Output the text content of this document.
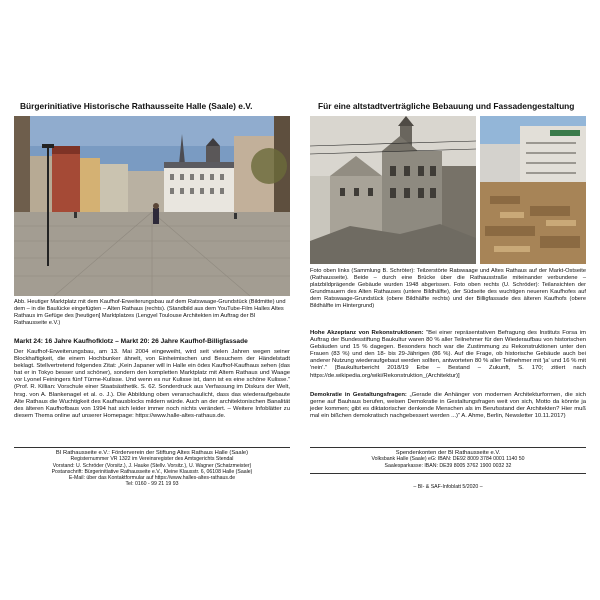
Bürgerinitiative Historische Rathausseite Halle (Saale) e.V.

Abb. Heutiger Marktplatz mit dem Kaufhof-Erweiterungsbau auf dem Ratswaage-Grundstück (Bildmitte) und dem – in die Baulücke eingefügten – Alten Rathaus (rechts). (Standbild aus dem YouTube-Film Halles Altes Rathaus im Gefüge des [heutigen] Marktplatzes (Lengyel Toulouse Architekten im Auftrag der BI Rathausseite e.V.)

Markt 24: 16 Jahre Kaufhofklotz – Markt 20: 26 Jahre Kaufhof-Billigfassade

Der Kaufhof-Erweiterungsbau, am 13. Mai 2004 eingeweiht, wird seit vielen Jahren wegen seiner Blockhaftigkeit, die einem Hochbunker ähnelt, von Einheimischen und Besuchern der Händelstadt beklagt. Stellvertretend folgendes Zitat: „Kein Japaner will in Halle ein ödes Kaufhof-Kaufhaus sehen (das hat er in Tokyo besser und schöner), sondern den kompletten Marktplatz mit Altem Rathaus und Waage vor Lyonel Feiningers fünf Türme-Kulisse. Und wenn es nur Kulisse ist, dann ist es eine schöne Kulisse.“ (Prof. R. Killian: Vorschule einer Staatsästhetik. S. 62. Sonderdruck aus Verfassung im Diskurs der Welt, hrsg. von A. Blankenagel et al. o. J.). Die Abbildung oben veranschaulicht, dass das wiederaufgebaute Alte Rathaus die Wuchtigkeit des Kaufhausblocks mildern würde. Auch an der architektonischen Banalität des älteren Kaufhofbaus von 1994 hat sich leider immer noch nichts verändert. – Weitere Infoblätter zu diesem Thema online auf unserer Homepage: https://www.halle-altes-rathaus.de.

Für eine altstadtverträgliche Bebauung und Fassadengestaltung

Foto oben links (Sammlung B. Schröter): Teilzerstörte Ratswaage und Altes Rathaus auf der Markt-Ostseite (Rathausseite). Beide – durch eine Brücke über die Rathausstraße miteinander verbundene – platzbildprägende Gebäude wurden 1948 abgerissen. Foto oben rechts (U. Schröder): Teilansichten der Grundmauern des Alten Rathauses (untere Bildhälfte), der Südseite des wuchtigen neueren Kaufhofes auf dem Ratswaage-Grundstück (obere Bildhälfte rechts) und der Billigfassade des älteren Kaufhofs (obere Bildhälfte im Hintergrund)

Hohe Akzeptanz von Rekonstruktionen: "Bei einer repräsentativen Befragung des Instituts Forsa im Auftrag der Bundesstiftung Baukultur waren 80 % aller Teilnehmer für den Wiederaufbau von historischen Gebäuden und 15 % dagegen. Besonders hoch war die Zustimmung zu Rekonstruktionen unter den Frauen (83 %) und den 18- bis 29-Jährigen (86 %). Auf die Frage, ob historische Gebäude auch bei anderer Nutzung wiederaufgebaut werden sollten, antworteten 80 % aller Teilnehmer mit 'ja' und 16 % mit 'nein'." [Baukulturbericht 2018/19 Erbe – Bestand – Zukunft, S. 170; zitiert nach https://de.wikipedia.org/wiki/Rekonstruktion_(Architektur)]

Demokratie in Gestaltungsfragen: „Gerade die Anhänger von modernen Architekturformen, die sich gerne auf Bauhaus berufen, weisen Demokratie in Gestaltungsfragen weit von sich, Motto da könnte ja jeder kommen; gibt es diktatorischer denkende Menschen als im Berufsstand der Architekten? Hier muß mal ein bißchen demokratisch nachgebessert werden ...)“ A. Ahme, Berlin, Newsletter 10.11.2017)

BI Rathausseite e.V.: Förderverein der Stiftung Altes Rathaus Halle (Saale)
Registernummer VR 1322 im Vereinsregister des Amtsgerichts Stendal
Vorstand: U. Schröder (Vorsitz.), J. Hauke (Stellv. Vorsitz.), U. Wagner (Schatzmeister)
Postanschrift: Bürgerinitiative Rathausseite e.V., Kleine Klausstr. 6, 06108 Halle (Saale)
E-Mail: über das Kontaktformular auf https://www.halles-altes-rathaus.de
Tel: 0160 - 99 21 19 93
Spendenkonten der BI Rathausseite e.V.
Volksbank Halle (Saale) eG: IBAN: DE92 8009 3784 0001 1140 50
Saalesparkasse: IBAN: DE39 8005 3762 1900 0032 32
– BI- & SAF-Infoblatt 5/2020 –
